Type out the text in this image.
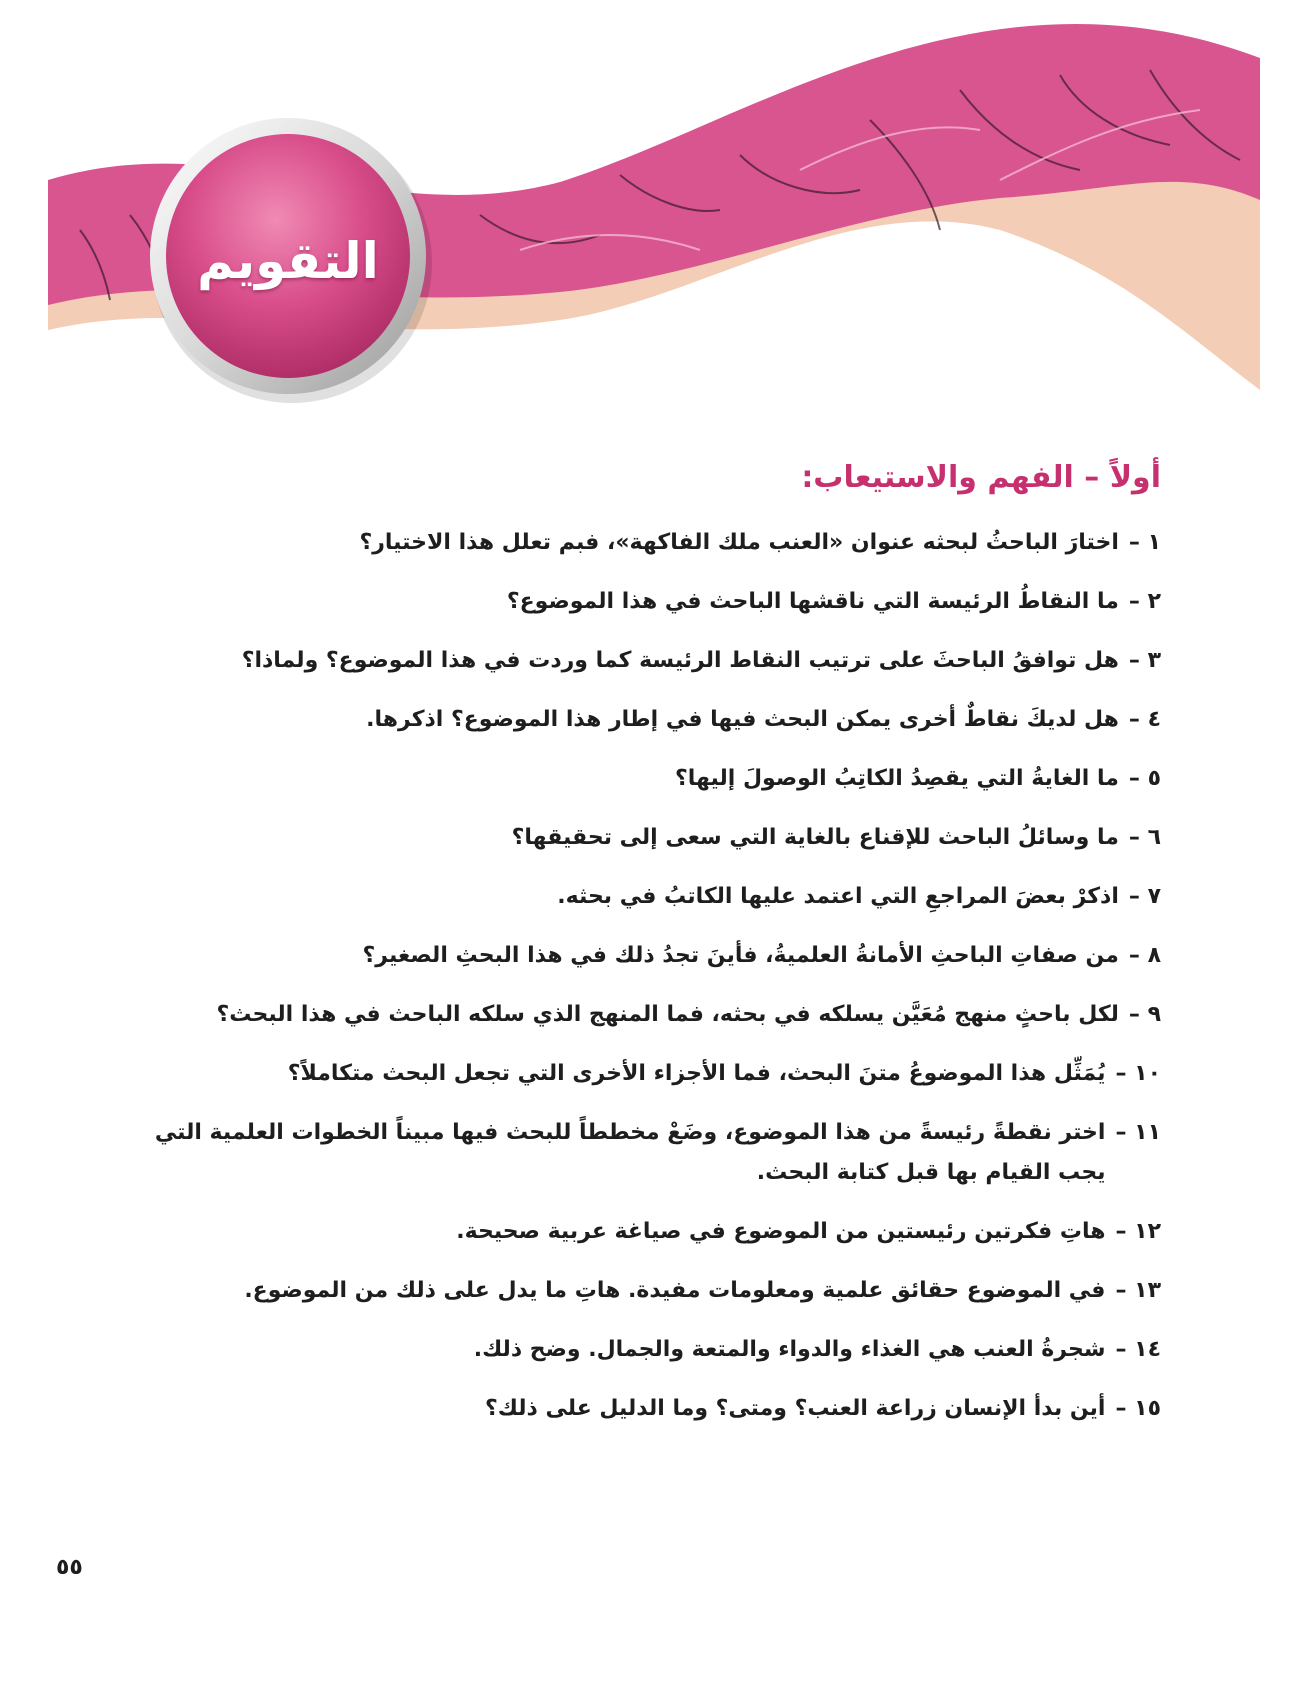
التقويم
أولاً – الفهم والاستيعاب:
١ –
اختارَ الباحثُ لبحثه عنوان «العنب ملك الفاكهة»، فبم تعلل هذا الاختيار؟
٢ –
ما النقاطُ الرئيسة التي ناقشها الباحث في هذا الموضوع؟
٣ –
هل توافقُ الباحثَ على ترتيب النقاط الرئيسة كما وردت في هذا الموضوع؟ ولماذا؟
٤ –
هل لديكَ نقاطٌ أخرى يمكن البحث فيها في إطار هذا الموضوع؟ اذكرها.
٥ –
ما الغايةُ التي يقصِدُ الكاتِبُ الوصولَ إليها؟
٦ –
ما وسائلُ الباحث للإقناع بالغاية التي سعى إلى تحقيقها؟
٧ –
اذكرْ بعضَ المراجعِ التي اعتمد عليها الكاتبُ في بحثه.
٨ –
من صفاتِ الباحثِ الأمانةُ العلميةُ، فأينَ تجدُ ذلك في هذا البحثِ الصغير؟
٩ –
لكل باحثٍ منهج مُعَيَّن يسلكه في بحثه، فما المنهج الذي سلكه الباحث في هذا البحث؟
١٠ –
يُمَثِّل هذا الموضوعُ متنَ البحث، فما الأجزاء الأخرى التي تجعل البحث متكاملاً؟
١١ –
اختر نقطةً رئيسةً من هذا الموضوع، وضَعْ مخططاً للبحث فيها مبيناً الخطوات العلمية التي يجب القيام بها قبل كتابة البحث.
١٢ –
هاتِ فكرتين رئيستين من الموضوع في صياغة عربية صحيحة.
١٣ –
في الموضوع حقائق علمية ومعلومات مفيدة. هاتِ ما يدل على ذلك من الموضوع.
١٤ –
شجرةُ العنب هي الغذاء والدواء والمتعة والجمال. وضح ذلك.
١٥ –
أين بدأ الإنسان زراعة العنب؟ ومتى؟ وما الدليل على ذلك؟
٥٥
